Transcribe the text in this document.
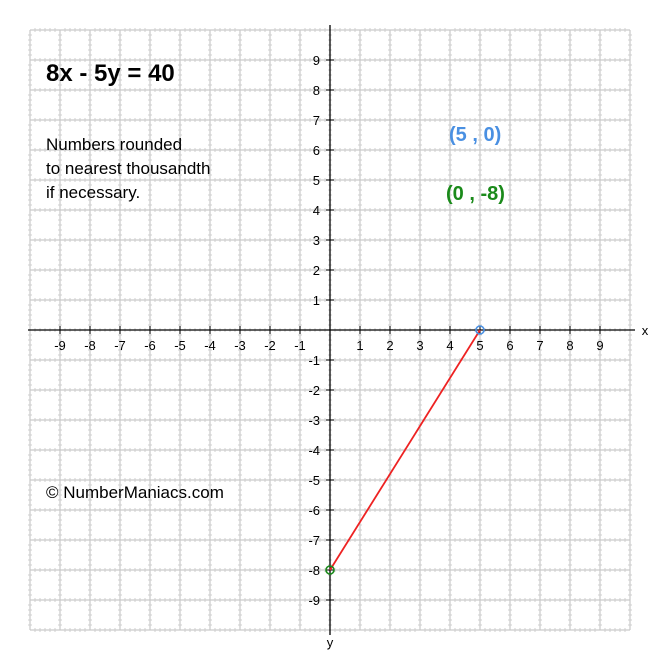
-9 -8 -7 -6 -5 -4 -3 -2 -1	1 2 3 4 5 6 7 8 9
-9
-8
-7
-6
-5
-4
-3
-2
-1
1
2
3
4
5
6
7
8
9
x
y
8x - 5y = 40
Numbers rounded
to nearest thousandth
if necessary.
© NumberManiacs.com
(5 , 0)
(0 , -8)
